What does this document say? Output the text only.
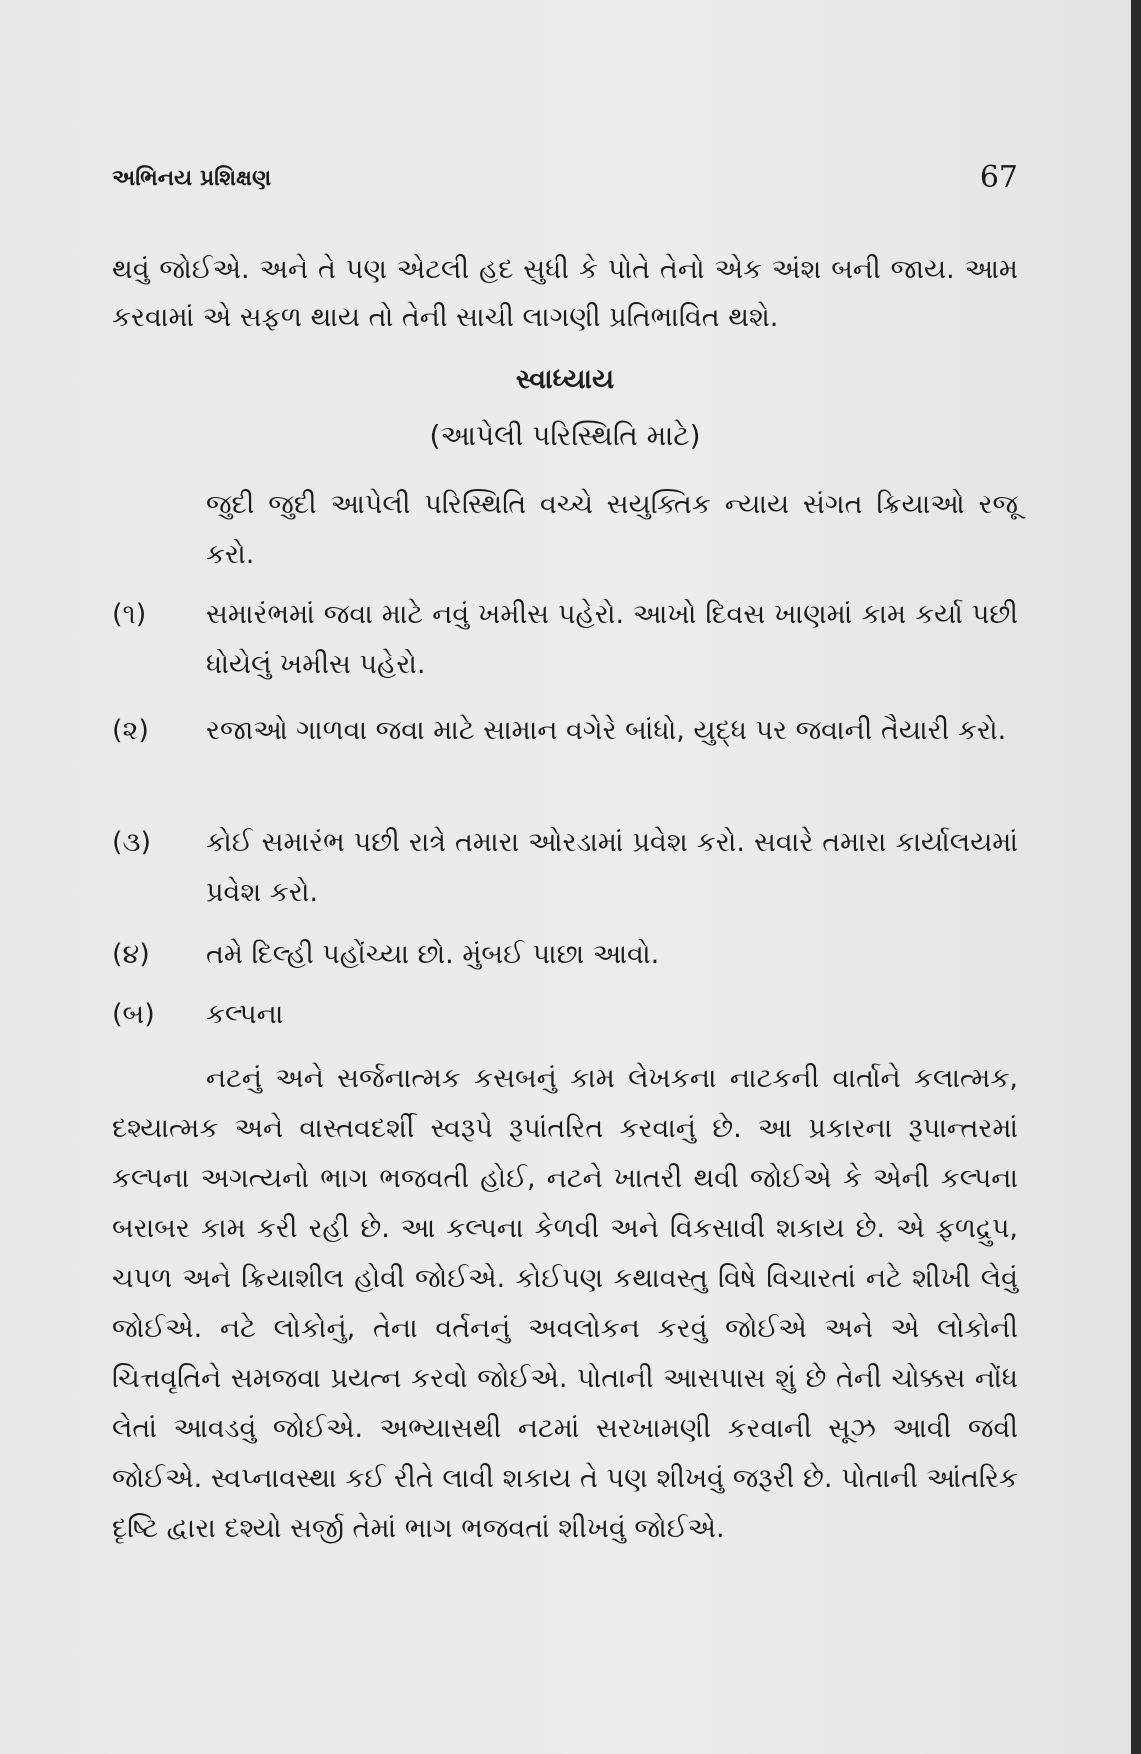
અભિનય પ્રશિક્ષણ	67
થવું જોઈએ. અને તે પણ એટલી હદ સુધી કે પોતે તેનો એક અંશ બની જાય. આમ કરવામાં એ સફળ થાય તો તેની સાચી લાગણી પ્રતિભાવિત થશે.
સ્વાધ્યાય
(આપેલી પરિસ્થિતિ માટે)
જુદી જુદી આપેલી પરિસ્થિતિ વચ્ચે સયુક્તિક ન્યાય સંગત ક્રિયાઓ રજૂ કરો.
(૧)	સમારંભમાં જવા માટે નવું ખમીસ પહેરો. આખો દિવસ ખાણમાં કામ કર્યા પછી ધોયેલું ખમીસ પહેરો.
(૨)	રજાઓ ગાળવા જવા માટે સામાન વગેરે બાંધો, યુદ્ધ પર જવાની તૈયારી કરો.
(૩)	કોઈ સમારંભ પછી રાત્રે તમારા ઓરડામાં પ્રવેશ કરો. સવારે તમારા કાર્યાલયમાં પ્રવેશ કરો.
(૪)	તમે દિલ્હી પહોંચ્યા છો. મુંબઈ પાછા આવો.
(બ)	કલ્પના
નટનું અને સર્જનાત્મક કસબનું કામ લેખકના નાટકની વાર્તાને કલાત્મક, દશ્યાત્મક અને વાસ્તવદર્શી સ્વરૂપે રૂપાંતરિત કરવાનું છે. આ પ્રકારના રૂપાન્તરમાં કલ્પના અગત્યનો ભાગ ભજવતી હોઈ, નટને ખાતરી થવી જોઈએ કે એની કલ્પના બરાબર કામ કરી રહી છે. આ કલ્પના કેળવી અને વિકસાવી શકાય છે. એ ફળદ્રુપ, ચપળ અને ક્રિયાશીલ હોવી જોઈએ. કોઈપણ કથાવસ્તુ વિષે વિચારતાં નટે શીખી લેવું જોઈએ. નટે લોકોનું, તેના વર્તનનું અવલોકન કરવું જોઈએ અને એ લોકોની ચિત્તવૃતિને સમજવા પ્રયત્ન કરવો જોઈએ. પોતાની આસપાસ શું છે તેની ચોક્કસ નોંધ લેતાં આવડવું જોઈએ. અભ્યાસથી નટમાં સરખામણી કરવાની સૂઝ આવી જવી જોઈએ. સ્વપ્નાવસ્થા કઈ રીતે લાવી શકાય તે પણ શીખવું જરૂરી છે. પોતાની આંતરિક દૃષ્ટિ દ્વારા દશ્યો સર્જી તેમાં ભાગ ભજવતાં શીખવું જોઈએ.
